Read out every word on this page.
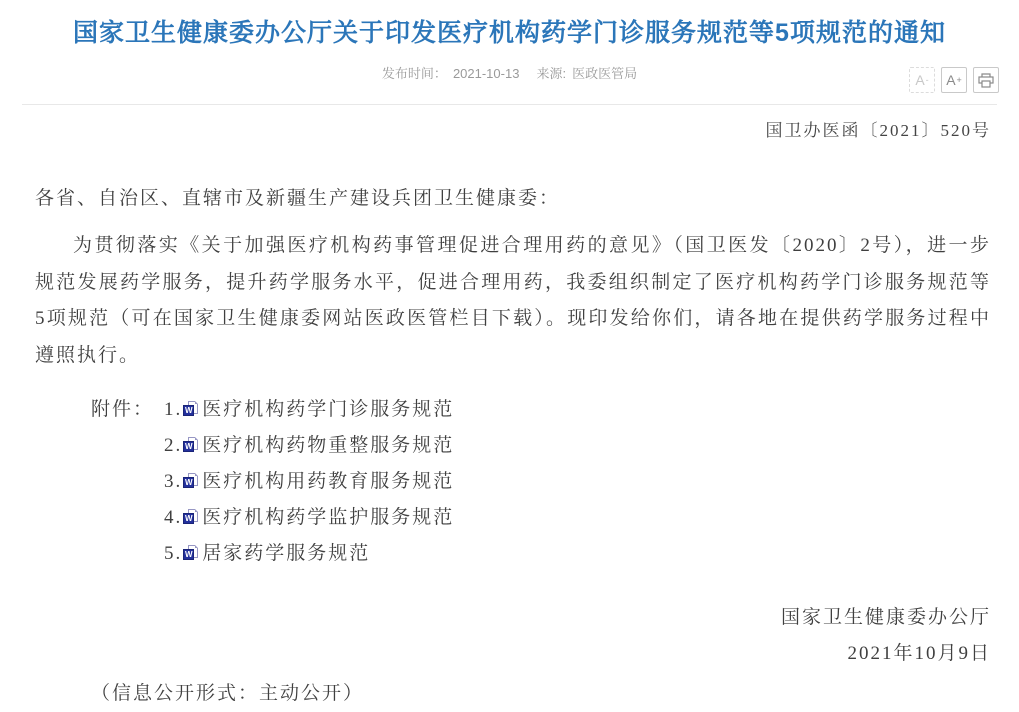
国家卫生健康委办公厅关于印发医疗机构药学门诊服务规范等5项规范的通知
发布时间： 2021-10-13 来源: 医政医管局	A - A +
国卫办医函〔2021〕520号
各省、自治区、直辖市及新疆生产建设兵团卫生健康委：
为贯彻落实《关于加强医疗机构药事管理促进合理用药的意见》（国卫医发〔2020〕2号），进一步规范发展药学服务，提升药学服务水平，促进合理用药，我委组织制定了医疗机构药学门诊服务规范等5项规范（可在国家卫生健康委网站医政医管栏目下载）。现印发给你们，请各地在提供药学服务过程中遵照执行。
附件： 1. W 医疗机构药学门诊服务规范
2. W 医疗机构药物重整服务规范
3. W 医疗机构用药教育服务规范
4. W 医疗机构药学监护服务规范
5. W 居家药学服务规范
国家卫生健康委办公厅
2021年10月9日
（信息公开形式：主动公开）
